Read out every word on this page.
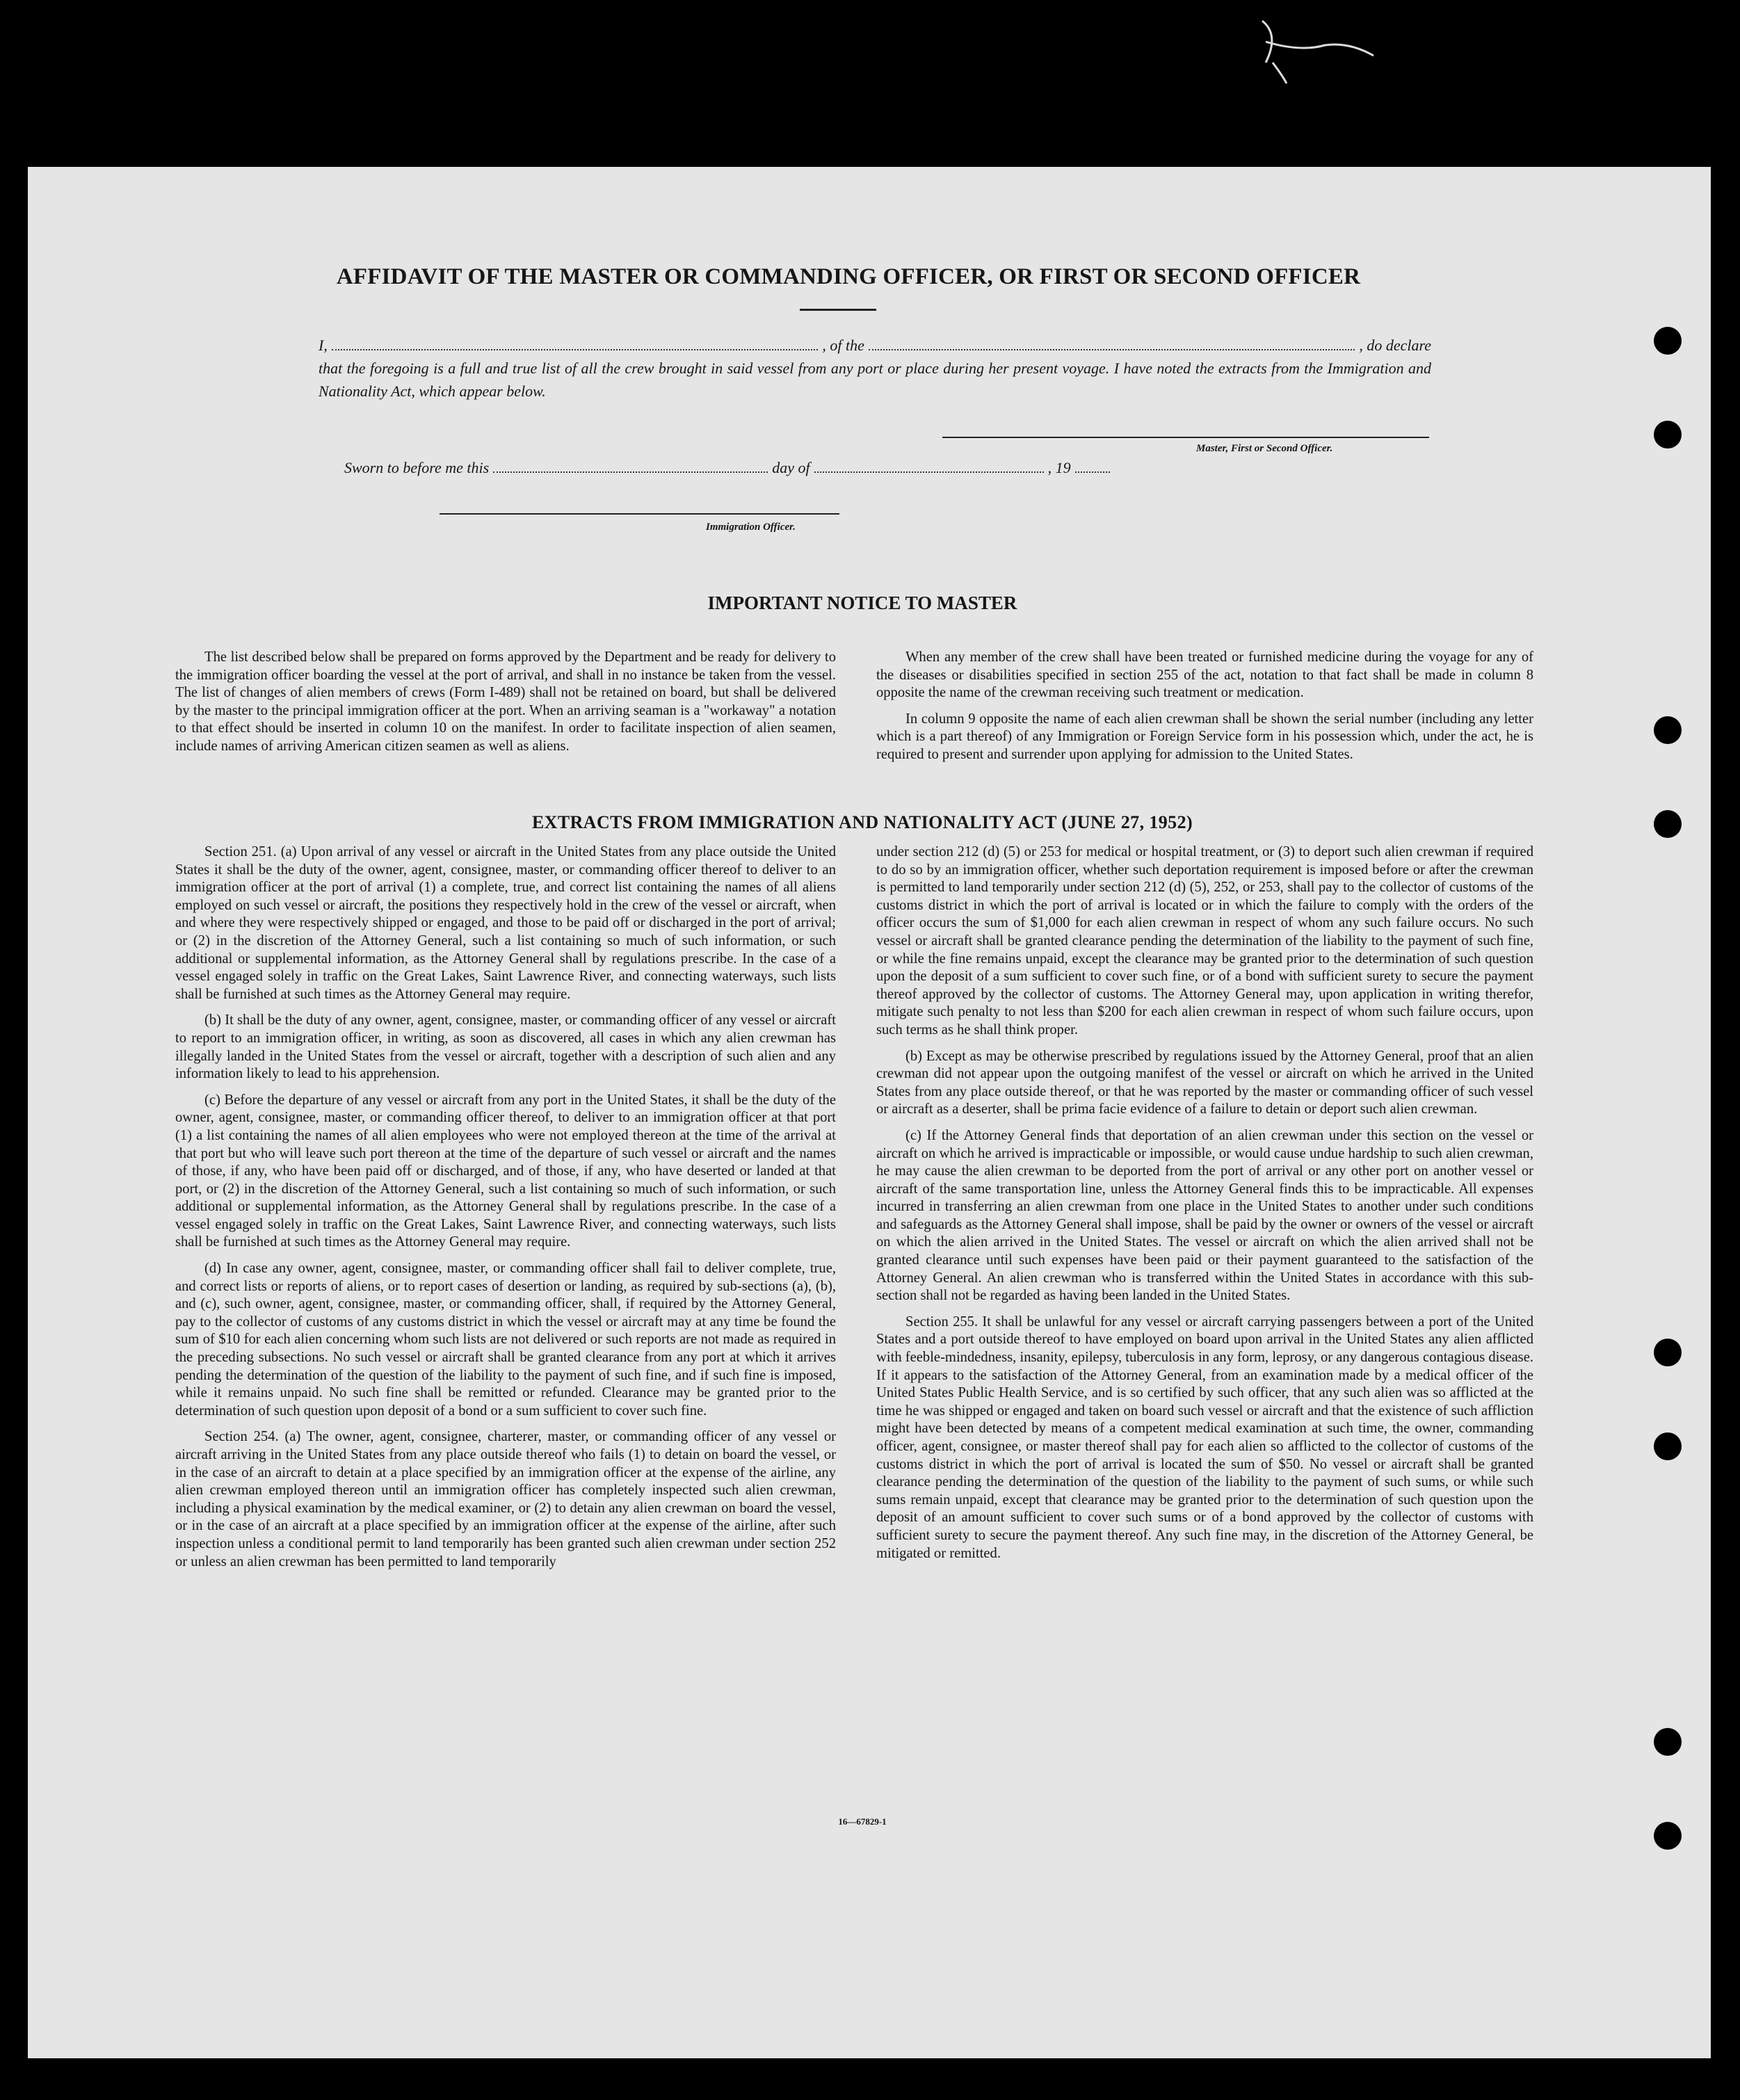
AFFIDAVIT OF THE MASTER OR COMMANDING OFFICER, OR FIRST OR SECOND OFFICER
I,	, of the	, do declare
that the foregoing is a full and true list of all the crew brought in said vessel from any port or place during her present voyage. I have noted the extracts from the Immigration and Nationality Act, which appear below.
Master, First or Second Officer.
Sworn to before me this	day of	, 19
Immigration Officer.
IMPORTANT NOTICE TO MASTER

The list described below shall be prepared on forms approved by the Department and be ready for delivery to the immigration officer boarding the vessel at the port of arrival, and shall in no instance be taken from the vessel. The list of changes of alien members of crews (Form I-489) shall not be retained on board, but shall be delivered by the master to the principal immigration officer at the port. When an arriving seaman is a "workaway" a notation to that effect should be inserted in column 10 on the manifest. In order to facilitate inspection of alien seamen, include names of arriving American citizen seamen as well as aliens.

When any member of the crew shall have been treated or furnished medicine during the voyage for any of the diseases or disabilities specified in section 255 of the act, notation to that fact shall be made in column 8 opposite the name of the crewman receiving such treatment or medication.

In column 9 opposite the name of each alien crewman shall be shown the serial number (including any letter which is a part thereof) of any Immigration or Foreign Service form in his possession which, under the act, he is required to present and surrender upon applying for admission to the United States.

EXTRACTS FROM IMMIGRATION AND NATIONALITY ACT (JUNE 27, 1952)

Section 251. (a) Upon arrival of any vessel or aircraft in the United States from any place outside the United States it shall be the duty of the owner, agent, consignee, master, or commanding officer thereof to deliver to an immigration officer at the port of arrival (1) a complete, true, and correct list containing the names of all aliens employed on such vessel or aircraft, the positions they respectively hold in the crew of the vessel or aircraft, when and where they were respectively shipped or engaged, and those to be paid off or discharged in the port of arrival; or (2) in the discretion of the Attorney General, such a list containing so much of such information, or such additional or supplemental information, as the Attorney General shall by regulations prescribe. In the case of a vessel engaged solely in traffic on the Great Lakes, Saint Lawrence River, and connecting waterways, such lists shall be furnished at such times as the Attorney General may require.

(b) It shall be the duty of any owner, agent, consignee, master, or commanding officer of any vessel or aircraft to report to an immigration officer, in writing, as soon as discovered, all cases in which any alien crewman has illegally landed in the United States from the vessel or aircraft, together with a description of such alien and any information likely to lead to his apprehension.

(c) Before the departure of any vessel or aircraft from any port in the United States, it shall be the duty of the owner, agent, consignee, master, or commanding officer thereof, to deliver to an immigration officer at that port (1) a list containing the names of all alien employees who were not employed thereon at the time of the arrival at that port but who will leave such port thereon at the time of the departure of such vessel or aircraft and the names of those, if any, who have been paid off or discharged, and of those, if any, who have deserted or landed at that port, or (2) in the discretion of the Attorney General, such a list containing so much of such information, or such additional or supplemental information, as the Attorney General shall by regulations prescribe. In the case of a vessel engaged solely in traffic on the Great Lakes, Saint Lawrence River, and connecting waterways, such lists shall be furnished at such times as the Attorney General may require.

(d) In case any owner, agent, consignee, master, or commanding officer shall fail to deliver complete, true, and correct lists or reports of aliens, or to report cases of desertion or landing, as required by sub-sections (a), (b), and (c), such owner, agent, consignee, master, or commanding officer, shall, if required by the Attorney General, pay to the collector of customs of any customs district in which the vessel or aircraft may at any time be found the sum of $10 for each alien concerning whom such lists are not delivered or such reports are not made as required in the preceding subsections. No such vessel or aircraft shall be granted clearance from any port at which it arrives pending the determination of the question of the liability to the payment of such fine, and if such fine is imposed, while it remains unpaid. No such fine shall be remitted or refunded. Clearance may be granted prior to the determination of such question upon deposit of a bond or a sum sufficient to cover such fine.

Section 254. (a) The owner, agent, consignee, charterer, master, or commanding officer of any vessel or aircraft arriving in the United States from any place outside thereof who fails (1) to detain on board the vessel, or in the case of an aircraft to detain at a place specified by an immigration officer at the expense of the airline, any alien crewman employed thereon until an immigration officer has completely inspected such alien crewman, including a physical examination by the medical examiner, or (2) to detain any alien crewman on board the vessel, or in the case of an aircraft at a place specified by an immigration officer at the expense of the airline, after such inspection unless a conditional permit to land temporarily has been granted such alien crewman under section 252 or unless an alien crewman has been permitted to land temporarily

under section 212 (d) (5) or 253 for medical or hospital treatment, or (3) to deport such alien crewman if required to do so by an immigration officer, whether such deportation requirement is imposed before or after the crewman is permitted to land temporarily under section 212 (d) (5), 252, or 253, shall pay to the collector of customs of the customs district in which the port of arrival is located or in which the failure to comply with the orders of the officer occurs the sum of $1,000 for each alien crewman in respect of whom any such failure occurs. No such vessel or aircraft shall be granted clearance pending the determination of the liability to the payment of such fine, or while the fine remains unpaid, except the clearance may be granted prior to the determination of such question upon the deposit of a sum sufficient to cover such fine, or of a bond with sufficient surety to secure the payment thereof approved by the collector of customs. The Attorney General may, upon application in writing therefor, mitigate such penalty to not less than $200 for each alien crewman in respect of whom such failure occurs, upon such terms as he shall think proper.

(b) Except as may be otherwise prescribed by regulations issued by the Attorney General, proof that an alien crewman did not appear upon the outgoing manifest of the vessel or aircraft on which he arrived in the United States from any place outside thereof, or that he was reported by the master or commanding officer of such vessel or aircraft as a deserter, shall be prima facie evidence of a failure to detain or deport such alien crewman.

(c) If the Attorney General finds that deportation of an alien crewman under this section on the vessel or aircraft on which he arrived is impracticable or impossible, or would cause undue hardship to such alien crewman, he may cause the alien crewman to be deported from the port of arrival or any other port on another vessel or aircraft of the same transportation line, unless the Attorney General finds this to be impracticable. All expenses incurred in transferring an alien crewman from one place in the United States to another under such conditions and safeguards as the Attorney General shall impose, shall be paid by the owner or owners of the vessel or aircraft on which the alien arrived in the United States. The vessel or aircraft on which the alien arrived shall not be granted clearance until such expenses have been paid or their payment guaranteed to the satisfaction of the Attorney General. An alien crewman who is transferred within the United States in accordance with this sub-section shall not be regarded as having been landed in the United States.

Section 255. It shall be unlawful for any vessel or aircraft carrying passengers between a port of the United States and a port outside thereof to have employed on board upon arrival in the United States any alien afflicted with feeble-mindedness, insanity, epilepsy, tuberculosis in any form, leprosy, or any dangerous contagious disease. If it appears to the satisfaction of the Attorney General, from an examination made by a medical officer of the United States Public Health Service, and is so certified by such officer, that any such alien was so afflicted at the time he was shipped or engaged and taken on board such vessel or aircraft and that the existence of such affliction might have been detected by means of a competent medical examination at such time, the owner, commanding officer, agent, consignee, or master thereof shall pay for each alien so afflicted to the collector of customs of the customs district in which the port of arrival is located the sum of $50. No vessel or aircraft shall be granted clearance pending the determination of the question of the liability to the payment of such sums, or while such sums remain unpaid, except that clearance may be granted prior to the determination of such question upon the deposit of an amount sufficient to cover such sums or of a bond approved by the collector of customs with sufficient surety to secure the payment thereof. Any such fine may, in the discretion of the Attorney General, be mitigated or remitted.

16—67829-1
